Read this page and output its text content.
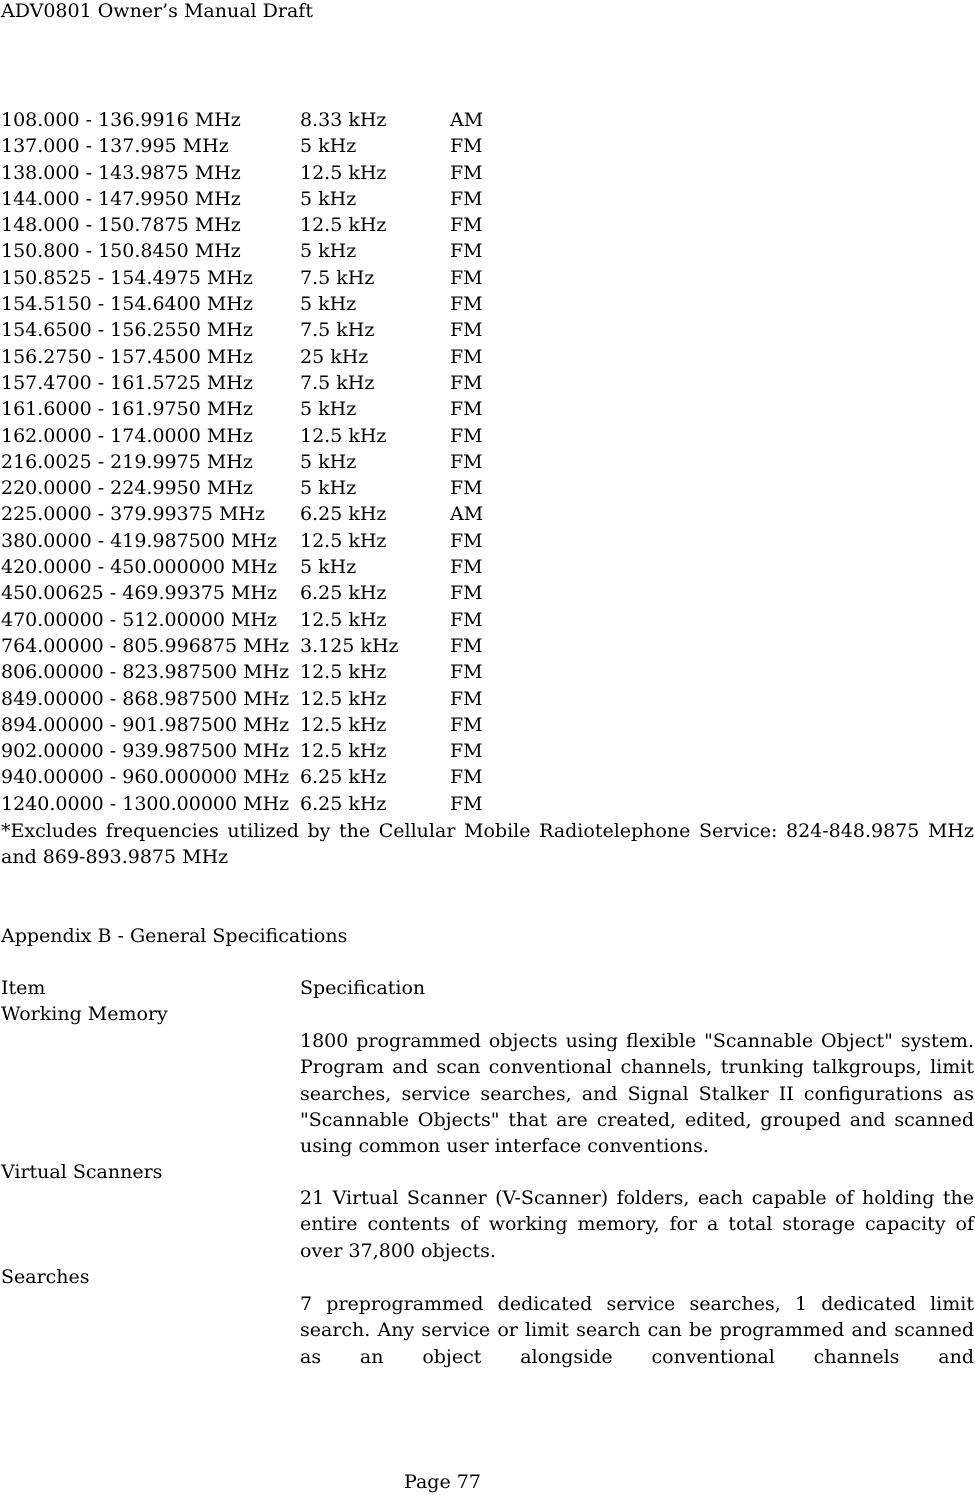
ADV0801 Owner’s Manual Draft
108.000 - 136.9916 MHz	8.33 kHz	AM
137.000 - 137.995 MHz	5 kHz	FM
138.000 - 143.9875 MHz	12.5 kHz	FM
144.000 - 147.9950 MHz	5 kHz	FM
148.000 - 150.7875 MHz	12.5 kHz	FM
150.800 - 150.8450 MHz	5 kHz	FM
150.8525 - 154.4975 MHz 7.5 kHz	FM
154.5150 - 154.6400 MHz 5 kHz	FM
154.6500 - 156.2550 MHz 7.5 kHz	FM
156.2750 - 157.4500 MHz 25 kHz	FM
157.4700 - 161.5725 MHz 7.5 kHz	FM
161.6000 - 161.9750 MHz 5 kHz	FM
162.0000 - 174.0000 MHz 12.5 kHz	FM
216.0025 - 219.9975 MHz 5 kHz	FM
220.0000 - 224.9950 MHz 5 kHz	FM
225.0000 - 379.99375 MHz 6.25 kHz	AM
380.0000 - 419.987500 MHz 12.5 kHz	FM
420.0000 - 450.000000 MHz 5 kHz	FM
450.00625 - 469.99375 MHz 6.25 kHz	FM
470.00000 - 512.00000 MHz 12.5 kHz	FM
764.00000 - 805.996875 MHz 3.125 kHz	FM
806.00000 - 823.987500 MHz 12.5 kHz	FM
849.00000 - 868.987500 MHz 12.5 kHz	FM
894.00000 - 901.987500 MHz 12.5 kHz	FM
902.00000 - 939.987500 MHz 12.5 kHz	FM
940.00000 - 960.000000 MHz 6.25 kHz	FM
1240.0000 - 1300.00000 MHz 6.25 kHz	FM
*Excludes frequencies utilized by the Cellular Mobile Radiotelephone Service: 824-848.9875 MHz and 869-893.9875 MHz
Appendix B - General Specifications
Item	Specification
Working Memory
1800 programmed objects using flexible "Scannable Object" system. Program and scan conventional channels, trunking talkgroups, limit searches, service searches, and Signal Stalker II configurations as "Scannable Objects" that are created, edited, grouped and scanned using common user interface conventions.
Virtual Scanners
21 Virtual Scanner (V-Scanner) folders, each capable of holding the entire contents of working memory, for a total storage capacity of over 37,800 objects.
Searches
7 preprogrammed dedicated service searches, 1 dedicated limit search. Any service or limit search can be programmed and scanned as an object alongside conventional channels and
Page 77
